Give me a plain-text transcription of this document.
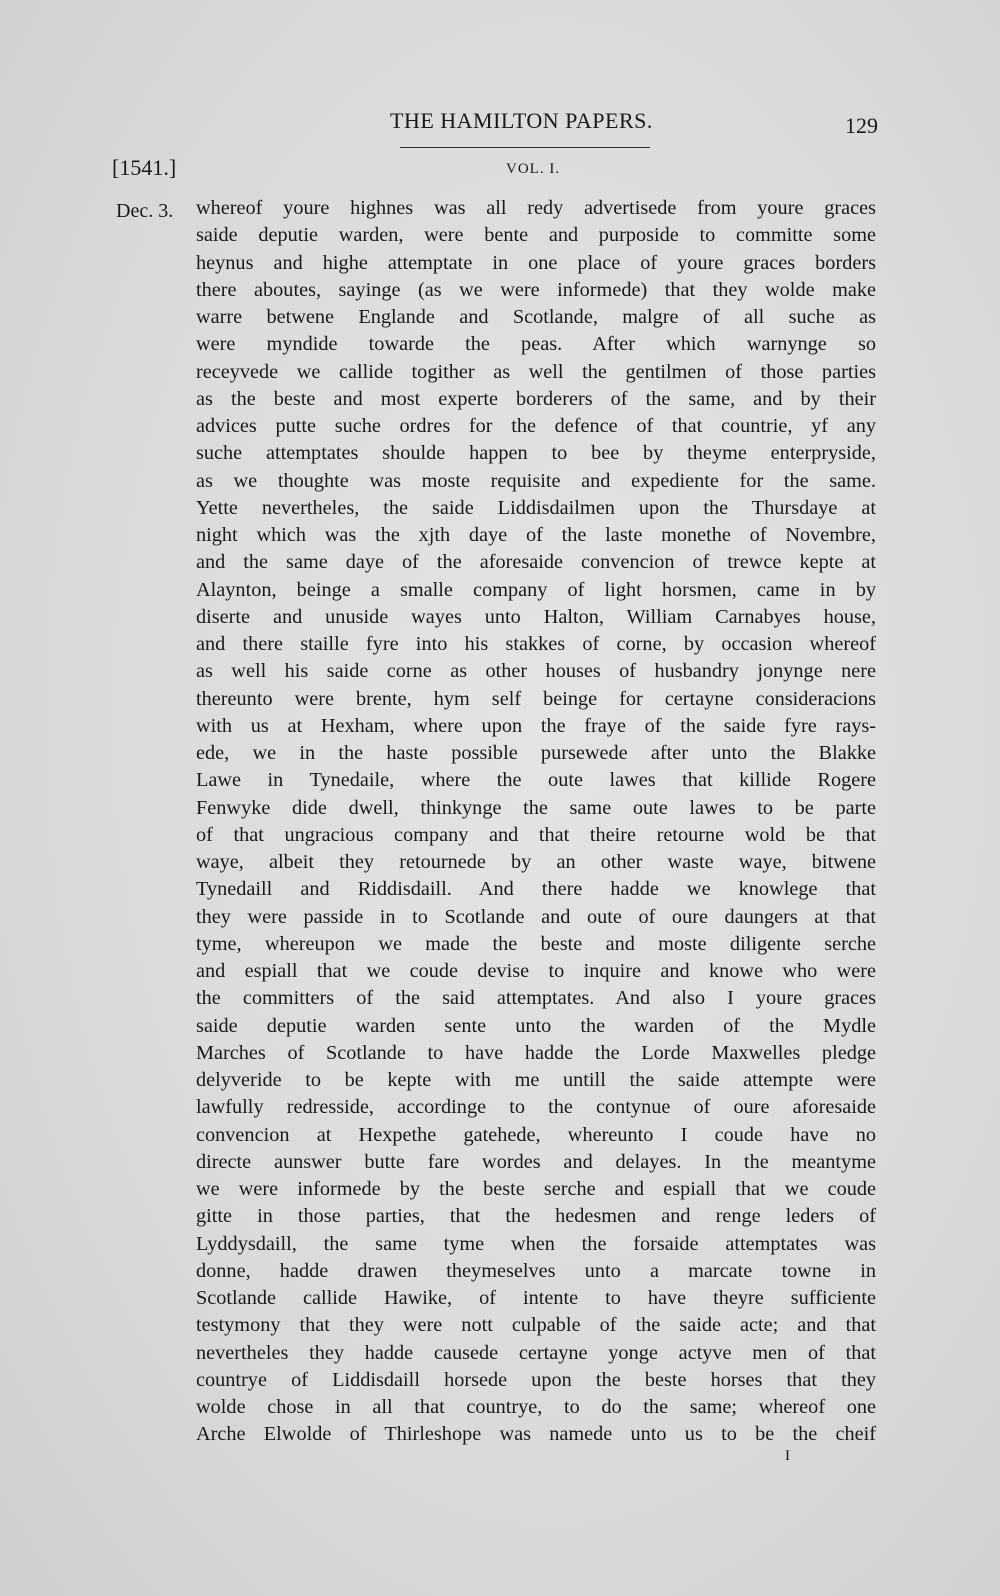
THE HAMILTON PAPERS.	129
[1541.]	VOL. I.
Dec. 3. whereof youre highnes was all redy advertisede from youre graces
saide deputie warden, were bente and purposide to committe some
heynus and highe attemptate in one place of youre graces borders
there aboutes, sayinge (as we were informede) that they wolde make
warre betwene Englande and Scotlande, malgre of all suche as
were myndide towarde the peas. After which warnynge so
receyvede we callide togither as well the gentilmen of those parties
as the beste and most experte borderers of the same, and by their
advices putte suche ordres for the defence of that countrie, yf any
suche attemptates shoulde happen to bee by theyme enterpryside,
as we thoughte was moste requisite and expediente for the same.
Yette nevertheles, the saide Liddisdailmen upon the Thursdaye at
night which was the xjth daye of the laste monethe of Novembre,
and the same daye of the aforesaide convencion of trewce kepte at
Alaynton, beinge a smalle company of light horsmen, came in by
diserte and unuside wayes unto Halton, William Carnabyes house,
and there staille fyre into his stakkes of corne, by occasion whereof
as well his saide corne as other houses of husbandry jonynge nere
thereunto were brente, hym self beinge for certayne consideracions
with us at Hexham, where upon the fraye of the saide fyre rays-
ede, we in the haste possible pursewede after unto the Blakke
Lawe in Tynedaile, where the oute lawes that killide Rogere
Fenwyke dide dwell, thinkynge the same oute lawes to be parte
of that ungracious company and that theire retourne wold be that
waye, albeit they retournede by an other waste waye, bitwene
Tynedaill and Riddisdaill. And there hadde we knowlege that
they were passide in to Scotlande and oute of oure daungers at that
tyme, whereupon we made the beste and moste diligente serche
and espiall that we coude devise to inquire and knowe who were
the committers of the said attemptates. And also I youre graces
saide deputie warden sente unto the warden of the Mydle
Marches of Scotlande to have hadde the Lorde Maxwelles pledge
delyveride to be kepte with me untill the saide attempte were
lawfully redresside, accordinge to the contynue of oure aforesaide
convencion at Hexpethe gatehede, whereunto I coude have no
directe aunswer butte fare wordes and delayes. In the meantyme
we were informede by the beste serche and espiall that we coude
gitte in those parties, that the hedesmen and renge leders of
Lyddysdaill, the same tyme when the forsaide attemptates was
donne, hadde drawen theymeselves unto a marcate towne in
Scotlande callide Hawike, of intente to have theyre sufficiente
testymony that they were nott culpable of the saide acte; and that
nevertheles they hadde causede certayne yonge actyve men of that
countrye of Liddisdaill horsede upon the beste horses that they
wolde chose in all that countrye, to do the same; whereof one
Arche Elwolde of Thirleshope was namede unto us to be the cheif
I
